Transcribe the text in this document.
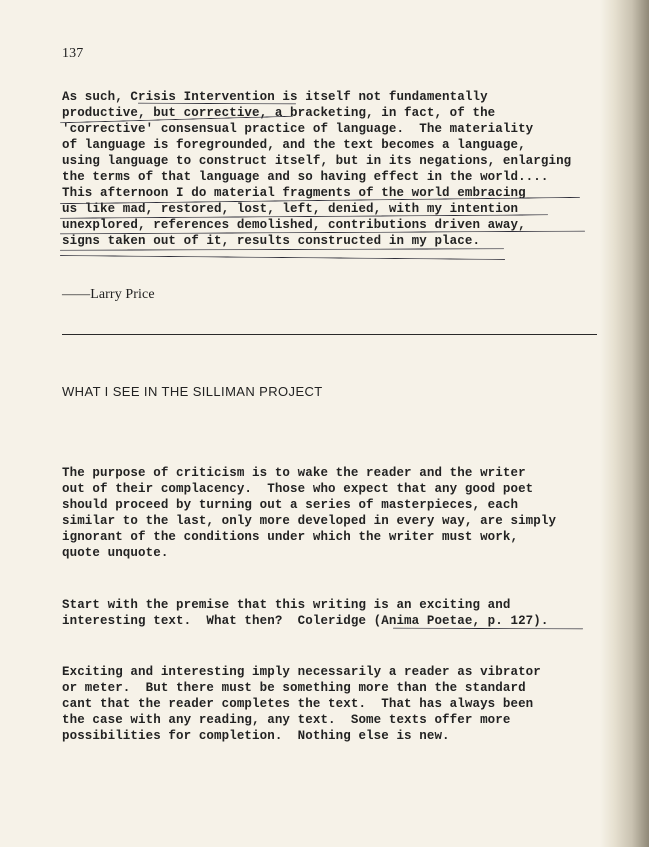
137
As such, Crisis Intervention is itself not fundamentally
productive, but corrective, a bracketing, in fact, of the
'corrective' consensual practice of language.  The materiality
of language is foregrounded, and the text becomes a language,
using language to construct itself, but in its negations, enlarging
the terms of that language and so having effect in the world....
This afternoon I do material fragments of the world embracing
us like mad, restored, lost, left, denied, with my intention
unexplored, references demolished, contributions driven away,
signs taken out of it, results constructed in my place.
——Larry Price
WHAT I SEE IN THE SILLIMAN PROJECT
The purpose of criticism is to wake the reader and the writer
out of their complacency.  Those who expect that any good poet
should proceed by turning out a series of masterpieces, each
similar to the last, only more developed in every way, are simply
ignorant of the conditions under which the writer must work,
quote unquote.
Start with the premise that this writing is an exciting and
interesting text.  What then?  Coleridge (Anima Poetae, p. 127).
Exciting and interesting imply necessarily a reader as vibrator
or meter.  But there must be something more than the standard
cant that the reader completes the text.  That has always been
the case with any reading, any text.  Some texts offer more
possibilities for completion.  Nothing else is new.
